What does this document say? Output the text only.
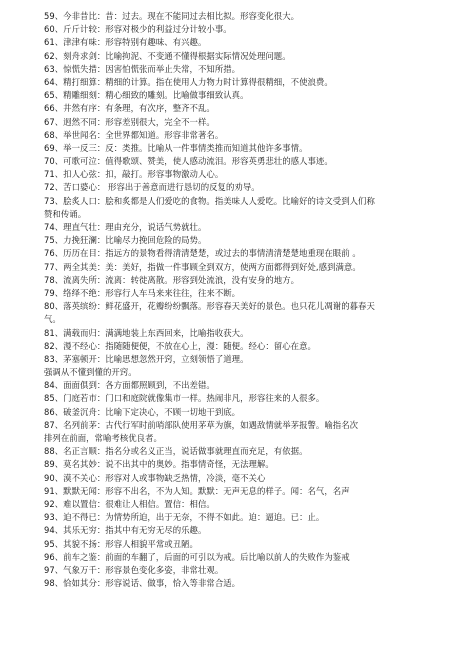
59、今非昔比：昔：过去。现在不能同过去相比拟。形容变化很大。
60、斤斤计较：形容对极少的利益过分计较小事。
61、津津有味：形容特别有趣味、有兴趣。
62、刻舟求剑：比喻拘泥、不变通不懂得根据实际情况处理问题。
63、惊慌失措：因害怕慌张而举止失常，不知所措。
64、精打细算：精细的计算。指在使用人力物力时计算得很精细，不使浪费。
65、精雕细刻：精心细致的雕刻。比喻做事细致认真。
66、井然有序：有条理，有次序，整齐不乱。
67、迥然不同：形容差别很大，完全不一样。
68、举世闻名：全世界都知道。形容非常著名。
69、举一反三：反：类推。比喻从一件事情类推而知道其他许多事情。
70、可歌可泣：值得歌颂、赞美，使人感动流泪。形容英勇悲壮的感人事迹。
71、扣人心弦：扣，敲打。形容事物激动人心。
72、苦口婆心： 形容出于善意而进行恳切的反复的劝导。
73、脍炙人口：脍和炙都是人们爱吃的食物。指美味人人爱吃。比喻好的诗文受到人们称
赞和传诵。
74、理直气壮：理由充分，说话气势就壮。
75、力挽狂澜：比喻尽力挽回危险的局势。
76、历历在目：指远方的景物看得清清楚楚，或过去的事情清清楚楚地重现在眼前 。
77、两全其美：美：美好，指做一件事顾全到双方，使两方面都得到好处,感到满意。
78、流离失所：流离：转徙离散。形容到处流浪，没有安身的地方。
79、络绎不绝：形容行人车马来来往往，往来不断。
80、落英缤纷：鲜花盛开，花瓣纷纷飘落。形容春天美好的景色。也只花儿凋谢的暮春天
气。
81、满载而归：满满地装上东西回来，比喻指收获大。
82、漫不经心：指随随便便，不放在心上，漫：随便。经心：留心在意。
83、茅塞顿开：比喻思想忽然开窍，立刻领悟了道理。
强调从不懂到懂的开窍。
84、面面俱到：各方面都照顾到，不出差错。
85、门庭若市：门口和庭院就像集市一样。热闹非凡，形容往来的人很多。
86、破釜沉舟：比喻下定决心，不顾一切地干到底。
87、名列前茅：古代行军时前哨部队使用茅草为旗，如遇敌情就举茅报警。喻指名次
排列在前面，常喻考核优良者。
88、名正言顺：指名分或名义正当，说话做事就理直而充足，有依据。
89、莫名其妙：说不出其中的奥妙。指事情奇怪，无法理解。
90、漠不关心：形容对人或事物缺乏热情，冷淡，毫不关心
91、默默无闻：形容不出名，不为人知。默默：无声无息的样子。闻：名气，名声
92、难以置信：很难让人相信。置信：相信。
93、迫不得已：为情势所迫，出于无奈，不得不如此。迫：逼迫。已：止。
94、其乐无穷：指其中有无穷无尽的乐趣。
95、其貌不扬：形容人相貌平常或丑陋。
96、前车之鉴：前面的车翻了，后面的可引以为戒。后比喻以前人的失败作为鉴戒
97、气象万千：形容景色变化多姿，非常壮观。
98、恰如其分：形容说话、做事，恰入等非常合适。
